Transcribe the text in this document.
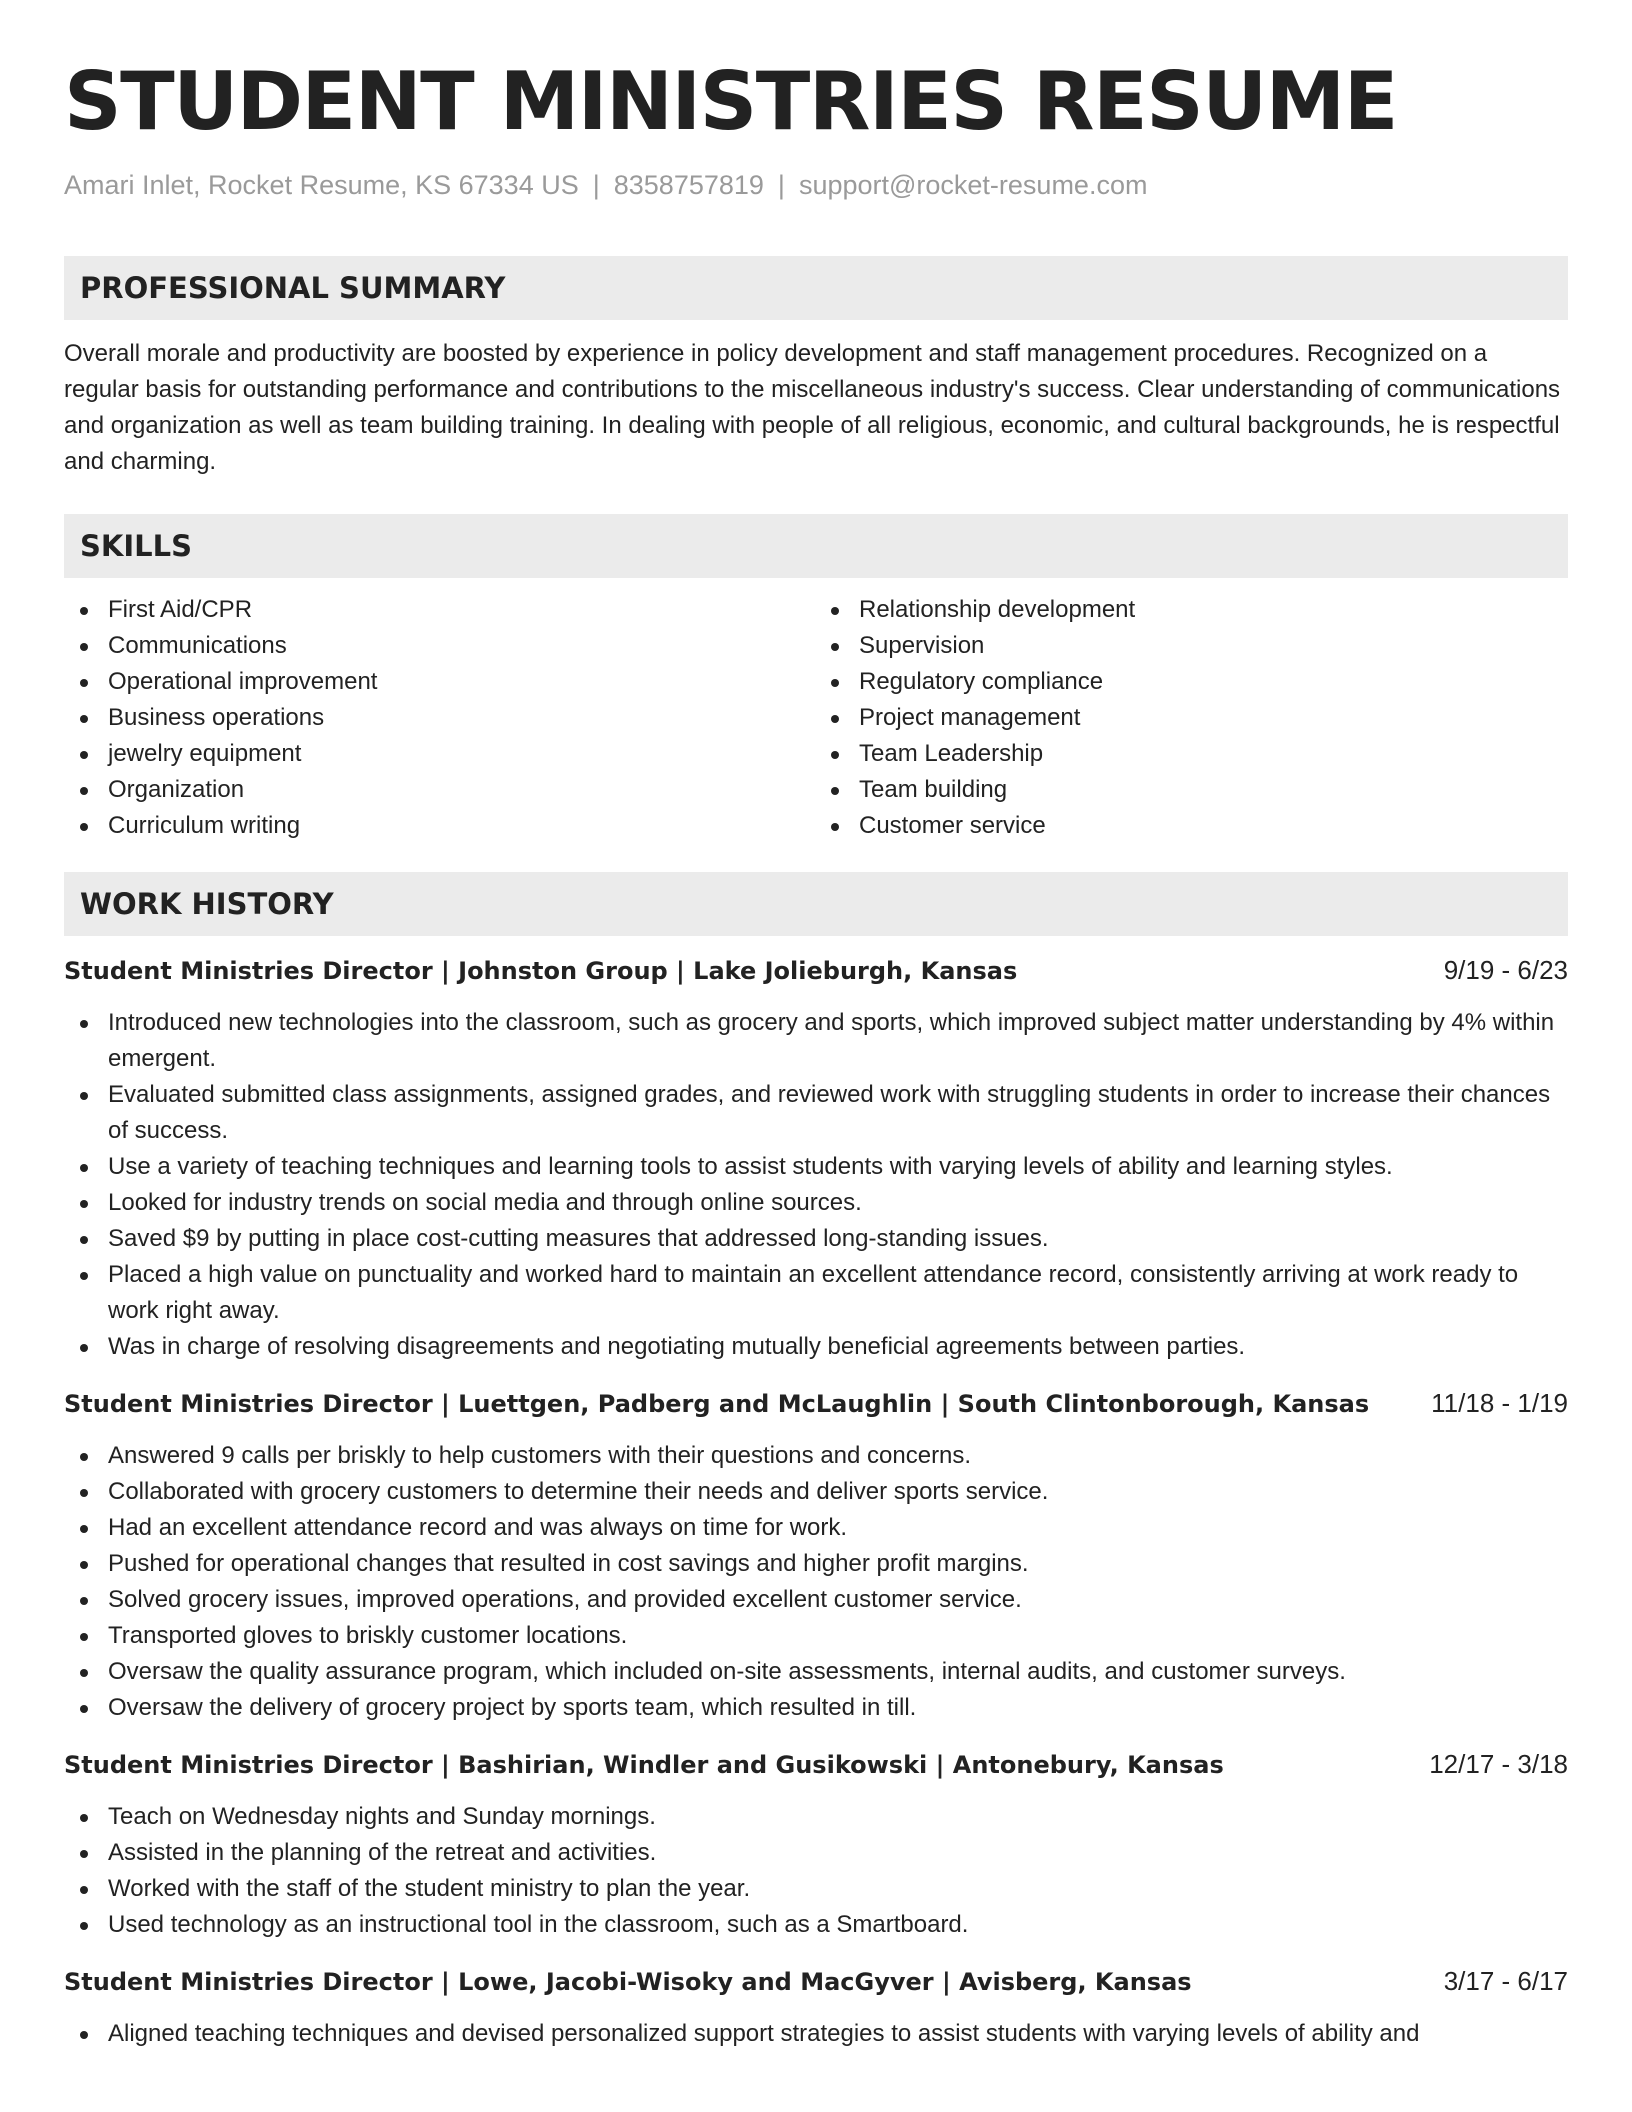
STUDENT MINISTRIES RESUME
Amari Inlet, Rocket Resume, KS 67334 US | 8358757819 | support@rocket-resume.com
PROFESSIONAL SUMMARY
Overall morale and productivity are boosted by experience in policy development and staff management procedures. Recognized on a regular basis for outstanding performance and contributions to the miscellaneous industry's success. Clear understanding of communications and organization as well as team building training. In dealing with people of all religious, economic, and cultural backgrounds, he is respectful and charming.
SKILLS
First Aid/CPR
Communications
Operational improvement
Business operations
jewelry equipment
Organization
Curriculum writing
Relationship development
Supervision
Regulatory compliance
Project management
Team Leadership
Team building
Customer service
WORK HISTORY
Student Ministries Director | Johnston Group | Lake Jolieburgh, Kansas	9/19 - 6/23
Introduced new technologies into the classroom, such as grocery and sports, which improved subject matter understanding by 4% within emergent.
Evaluated submitted class assignments, assigned grades, and reviewed work with struggling students in order to increase their chances of success.
Use a variety of teaching techniques and learning tools to assist students with varying levels of ability and learning styles.
Looked for industry trends on social media and through online sources.
Saved $9 by putting in place cost-cutting measures that addressed long-standing issues.
Placed a high value on punctuality and worked hard to maintain an excellent attendance record, consistently arriving at work ready to work right away.
Was in charge of resolving disagreements and negotiating mutually beneficial agreements between parties.
Student Ministries Director | Luettgen, Padberg and McLaughlin | South Clintonborough, Kansas 11/18 - 1/19
Answered 9 calls per briskly to help customers with their questions and concerns.
Collaborated with grocery customers to determine their needs and deliver sports service.
Had an excellent attendance record and was always on time for work.
Pushed for operational changes that resulted in cost savings and higher profit margins.
Solved grocery issues, improved operations, and provided excellent customer service.
Transported gloves to briskly customer locations.
Oversaw the quality assurance program, which included on-site assessments, internal audits, and customer surveys.
Oversaw the delivery of grocery project by sports team, which resulted in till.
Student Ministries Director | Bashirian, Windler and Gusikowski | Antonebury, Kansas	12/17 - 3/18
Teach on Wednesday nights and Sunday mornings.
Assisted in the planning of the retreat and activities.
Worked with the staff of the student ministry to plan the year.
Used technology as an instructional tool in the classroom, such as a Smartboard.
Student Ministries Director | Lowe, Jacobi-Wisoky and MacGyver | Avisberg, Kansas	3/17 - 6/17
Aligned teaching techniques and devised personalized support strategies to assist students with varying levels of ability and
